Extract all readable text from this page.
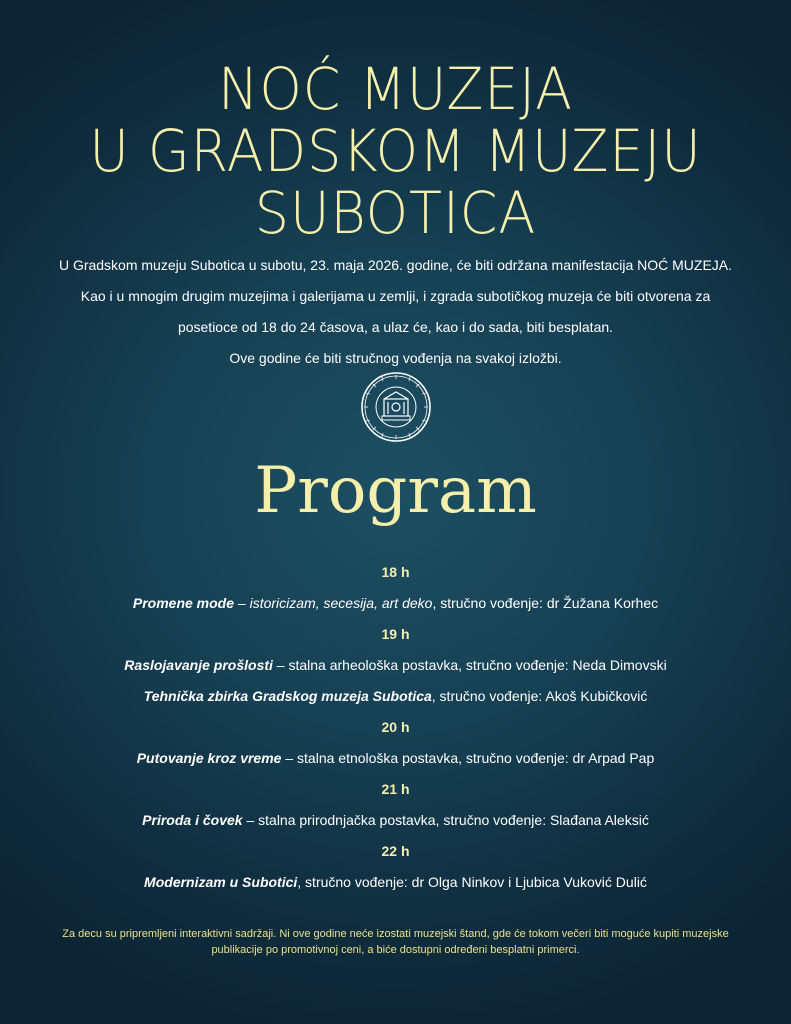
NOĆ MUZEJA
U GRADSKOM MUZEJU
SUBOTICA
U Gradskom muzeju Subotica u subotu, 23. maja 2026. godine, će biti održana manifestacija NOĆ MUZEJA.
Kao i u mnogim drugim muzejima i galerijama u zemlji, i zgrada subotičkog muzeja će biti otvorena za
posetioce od 18 do 24 časova, a ulaz će, kao i do sada, biti besplatan.
Ove godine će biti stručnog vođenja na svakoj izložbi.
Program
18 h
Promene mode – istoricizam, secesija, art deko, stručno vođenje: dr Žužana Korhec
19 h
Raslojavanje prošlosti – stalna arheološka postavka, stručno vođenje: Neda Dimovski
Tehnička zbirka Gradskog muzeja Subotica, stručno vođenje: Akoš Kubičković
20 h
Putovanje kroz vreme – stalna etnološka postavka, stručno vođenje: dr Arpad Pap
21 h
Priroda i čovek – stalna prirodnjačka postavka, stručno vođenje: Slađana Aleksić
22 h
Modernizam u Subotici, stručno vođenje: dr Olga Ninkov i Ljubica Vuković Dulić
Za decu su pripremljeni interaktivni sadržaji. Ni ove godine neće izostati muzejski štand, gde će tokom večeri biti moguće kupiti muzejske publikacije po promotivnoj ceni, a biće dostupni određeni besplatni primerci.
